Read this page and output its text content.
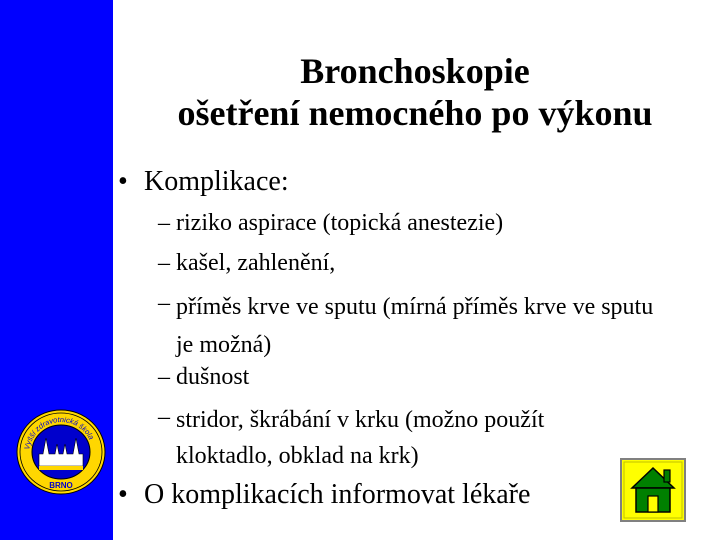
Bronchoskopie
ošetření nemocného po výkonu
• Komplikace:
– riziko aspirace (topická anestezie)
– kašel, zahlenění,
– příměs krve ve sputu (mírná příměs krve ve sputu je možná)
– dušnost
– stridor, škrábání v krku (možno použít kloktadlo, obklad na krk)
• O komplikacích informovat lékaře
Vyšší zdravotnická škola
BRNO
